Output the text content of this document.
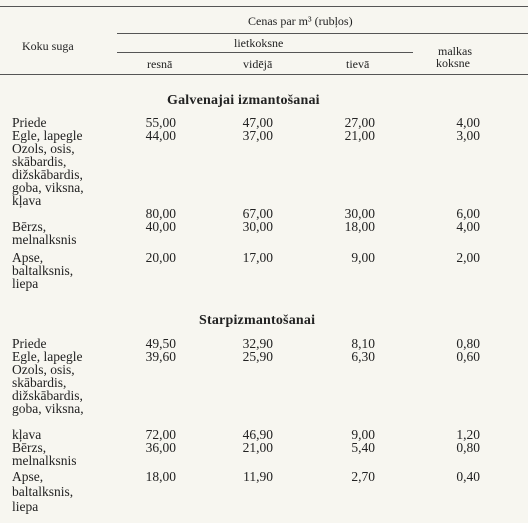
Koku suga
Cenas par m³ (rubļos)
lietkoksne
resnā	vidējā	tievā
malkas
koksne
Galvenajai izmantošanai
Priede	55,00	47,00	27,00	4,00
Egle, lapegle	44,00	37,00	21,00	3,00
Ozols, osis,
skābardis,
dižskābardis,
goba, viksna,
kļava
80,00	67,00	30,00	6,00
Bērzs,
melnalksnis
40,00	30,00	18,00	4,00
Apse,
baltalksnis,
liepa
20,00	17,00	9,00	2,00
Starpizmantošanai
Priede	49,50	32,90	8,10	0,80
Egle, lapegle	39,60	25,90	6,30	0,60
Ozols, osis,
skābardis,
dižskābardis,
goba, viksna,
kļava	72,00	46,90	9,00	1,20
Bērzs,
melnalksnis
36,00	21,00	5,40	0,80
Apse,
baltalksnis,
liepa
18,00	11,90	2,70	0,40
